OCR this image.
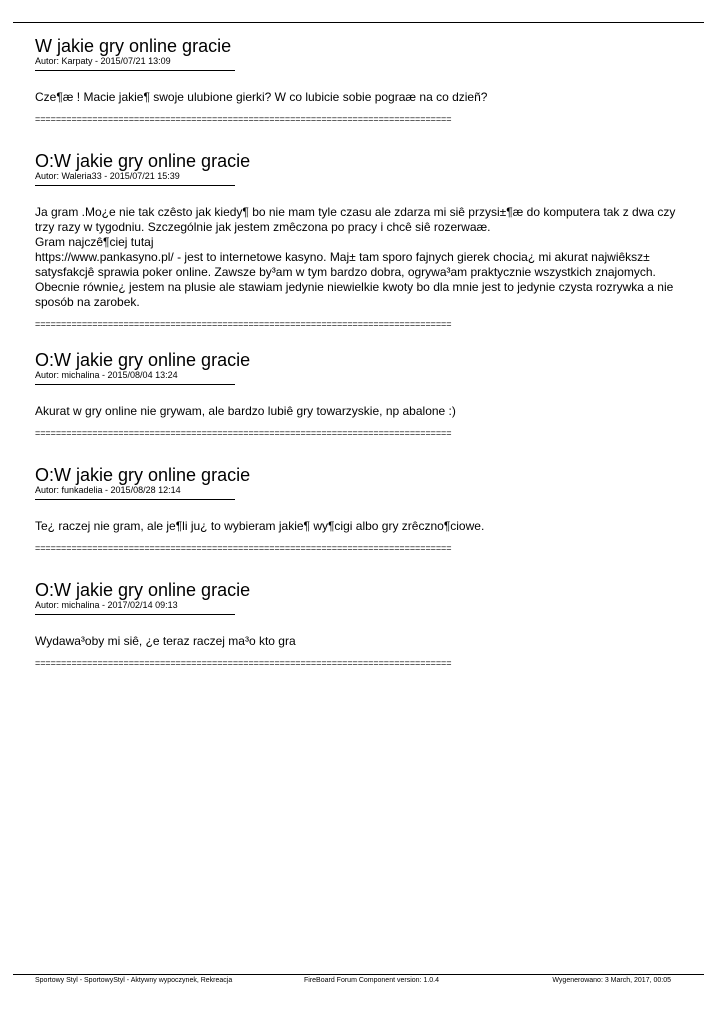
W jakie gry online gracie
Autor: Karpaty - 2015/07/21 13:09
Cze¶æ ! Macie jakie¶ swoje ulubione gierki? W co lubicie sobie pograæ na co dzieñ?
================================================================================
O:W jakie gry online gracie
Autor: Waleria33 - 2015/07/21 15:39
Ja gram .Mo¿e nie tak czêsto jak kiedy¶ bo nie mam tyle czasu ale zdarza mi siê przysi±¶æ do komputera tak z dwa czy
trzy razy w tygodniu. Szczególnie jak jestem zmêczona po pracy i chcê siê rozerwaæ.
Gram najczê¶ciej tutaj
https://www.pankasyno.pl/ - jest to internetowe kasyno. Maj± tam sporo fajnych gierek chocia¿ mi akurat najwiêksz±
satysfakcjê sprawia poker online. Zawsze by³am w tym bardzo dobra, ogrywa³am praktycznie wszystkich znajomych.
Obecnie równie¿ jestem na plusie ale stawiam jedynie niewielkie kwoty bo dla mnie jest to jedynie czysta rozrywka a nie
sposób na zarobek.
================================================================================
O:W jakie gry online gracie
Autor: michalina - 2015/08/04 13:24
Akurat w gry online nie grywam, ale bardzo lubiê gry towarzyskie, np abalone :)
================================================================================
O:W jakie gry online gracie
Autor: funkadelia - 2015/08/28 12:14
Te¿ raczej nie gram, ale je¶li ju¿ to wybieram jakie¶ wy¶cigi albo gry zrêczno¶ciowe.
================================================================================
O:W jakie gry online gracie
Autor: michalina - 2017/02/14 09:13
Wydawa³oby mi siê, ¿e teraz raczej ma³o kto gra
================================================================================
Sportowy Styl - SportowyStyl - Aktywny wypoczynek, Rekreacja	FireBoard Forum Component version: 1.0.4	Wygenerowano: 3 March, 2017, 00:05
